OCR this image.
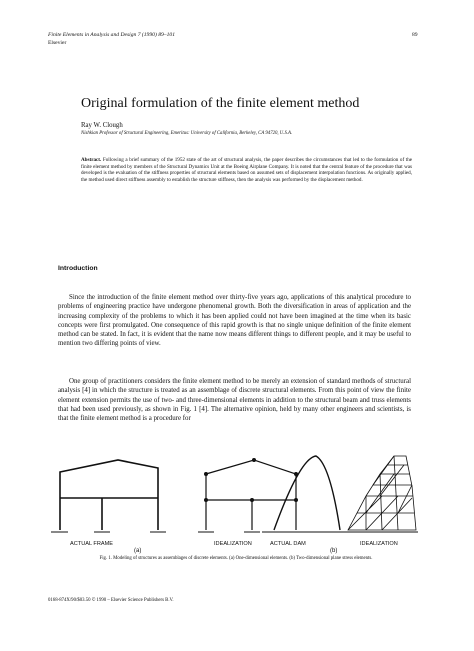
Finite Elements in Analysis and Design 7 (1990) 89–101
Elsevier
89
Original formulation of the finite element method
Ray W. Clough
Nishkian Professor of Structural Engineering, Emeritus: University of California, Berkeley, CA 94720, U.S.A.
Abstract. Following a brief summary of the 1952 state of the art of structural analysis, the paper describes the circumstances that led to the formulation of the finite element method by members of the Structural Dynamics Unit at the Boeing Airplane Company. It is noted that the central feature of the procedure that was developed is the evaluation of the stiffness properties of structural elements based on assumed sets of displacement interpolation functions. As originally applied, the method used direct stiffness assembly to establish the structure stiffness, then the analysis was performed by the displacement method.
Introduction
Since the introduction of the finite element method over thirty-five years ago, applications of this analytical procedure to problems of engineering practice have undergone phenomenal growth. Both the diversification in areas of application and the increasing complexity of the problems to which it has been applied could not have been imagined at the time when its basic concepts were first promulgated. One consequence of this rapid growth is that no single unique definition of the finite element method can be stated. In fact, it is evident that the name now means different things to different people, and it may be useful to mention two differing points of view.
One group of practitioners considers the finite element method to be merely an extension of standard methods of structural analysis [4] in which the structure is treated as an assemblage of discrete structural elements. From this point of view the finite element extension permits the use of two- and three-dimensional elements in addition to the structural beam and truss elements that had been used previously, as shown in Fig. 1 [4]. The alternative opinion, held by many other engineers and scientists, is that the finite element method is a procedure for
ACTUAL FRAME
(a)
IDEALIZATION	ACTUAL DAM
(b)
IDEALIZATION
Fig. 1. Modeling of structures as assemblages of discrete elements. (a) One-dimensional elements. (b) Two-dimensional plane stress elements.
0168-874X/90/$03.50 © 1990 – Elsevier Science Publishers B.V.
